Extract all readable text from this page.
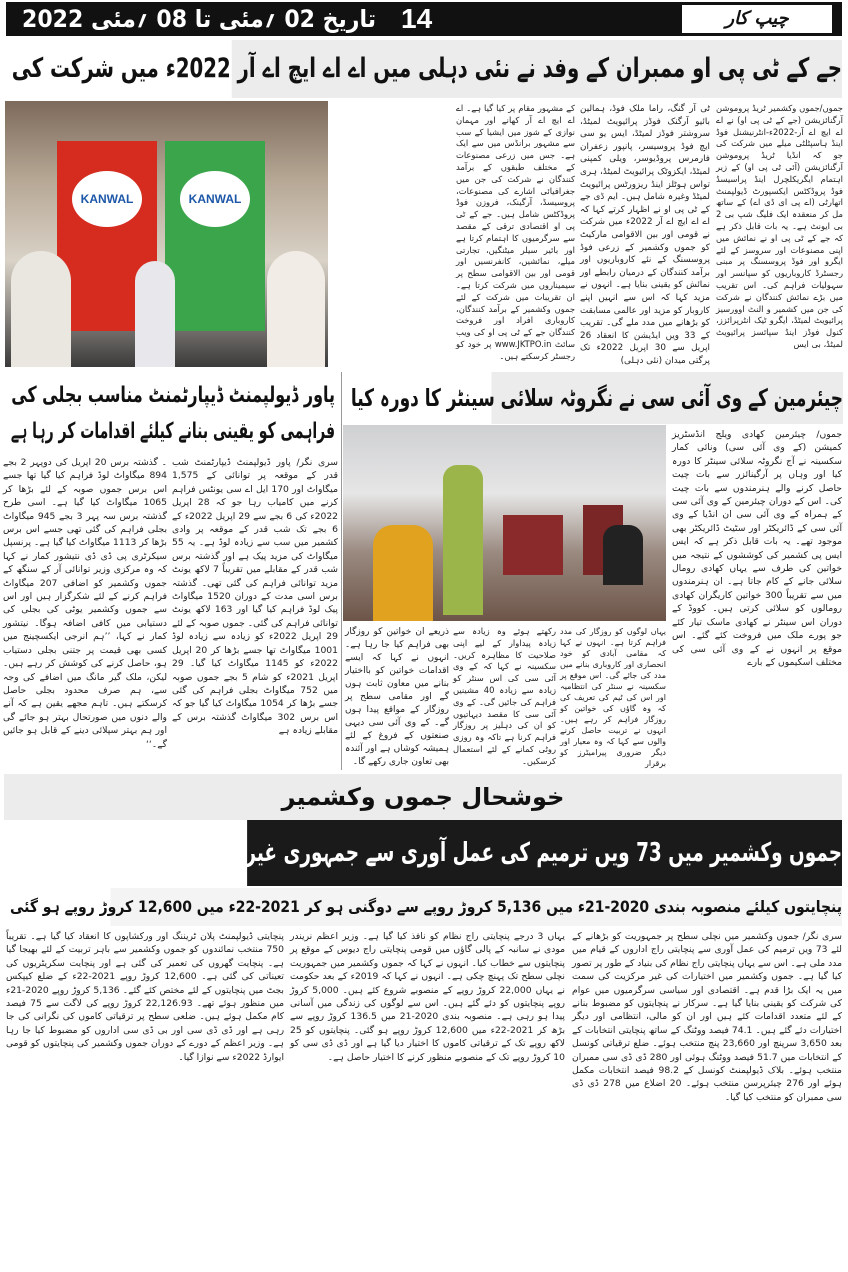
تاریخ 02 ؍مئی تا 08 ؍مئی 2022 14	چیپ کار
جے کے ٹی پی او ممبران کے وفد نے نئی دہلی میں اے اے ایچ اے آر 2022ء میں شرکت کی
KANWAL	KANWAL
جموں/جموں وکشمیر ٹریڈ پروموشن آرگنائزیشن (جے کے ٹی پی او) نے اے اے ایچ اے آر-2022ء-انٹرنیشنل فوڈ اینڈ ہاسپٹلٹی میلے میں شرکت کی جو کہ انڈیا ٹریڈ پروموشن آرگنائزیشن (آئی ٹی پی او) کے زیر اہتمام ایگریکلچرل اینڈ پراسیسڈ فوڈ پروڈکٹس ایکسپورٹ ڈیولپمنٹ اتھارٹی (اے پی ای ڈی اے) کے ساتھ مل کر منعقدہ ایک فلیگ شپ بی 2 بی ایونٹ ہے۔ یہ بات قابل ذکر ہے کہ جے کے ٹی پی او نے نمائش میں اپنی مصنوعات اور سروسز کے لئے ایگرو اور فوڈ پروسسنگ پر مبنی رجسٹرڈ کاروباریوں کو سپانسر اور سہولیات فراہم کی۔ اس تقریب میں بڑے نمائش کنندگان نے شرکت کی جن میں کشمیر و النٹ اوورسیز پرائیویٹ لمیٹڈ، ایگرو ٹیک انٹرپرائزز، کنول فوڈز اینڈ سپائسز پرائیویٹ لمیٹڈ، بی ایس
ٹی آر گنگ، راما ملک فوڈ، ہمالین بائیو آرگنک فوڈز پرائیویٹ لمیٹڈ، سروشتر فوڈز لمیٹڈ، ایس یو سی ایچ فوڈ پروسیسر، پانپور زعفران فارمرس پروڈیوسر، ویلی کمپنی لمیٹڈ، ایکزوٹک پرائیویٹ لمیٹڈ، ہری تواس ہوٹلز اینڈ ریزورٹس پرائیویٹ لمیٹڈ وغیرہ شامل ہیں۔ ایم ڈی جے کے ٹی پی او نے اظہار کرتے کہا کہ اے اے ایچ اے آر 2022ء میں شرکت نے قومی اور بین الاقوامی مارکیٹ کو جموں وکشمیر کے زرعی فوڈ پروسسنگ کے نئے کاروباریوں اور برآمد کنندگان کے درمیان رابطے اور نمائش کو یقینی بنایا ہے۔ انہوں نے مزید کہا کہ اس سے انہیں اپنے کاروبار کو مزید اور عالمی مسابقت کو بڑھانے میں مدد ملے گی۔ تقریب کے 33 ویں ایڈیشن کا انعقاد 26 اپریل سے 30 اپریل 2022ء تک پرگتی میدان (نئی دہلی)
کے مشہور مقام پر کیا گیا ہے۔ اے اے ایچ اے آر کھانے اور مہمان نوازی کے شوز میں ایشیا کے سب سے مشہور برانڈس میں سے ایک ہے۔ جس میں زرعی مصنوعات کے مختلف طبقوں کے برآمد کنندگان نے شرکت کی جن میں جغرافیائی اشارے کی مصنوعات، پروسیسڈ، آرگینک، فروزن فوڈ پروڈکٹس شامل ہیں۔ جے کے ٹی پی او اقتصادی ترقی کے مقصد سے سرگرمیوں کا اہتمام کرتا ہے اور بائیر سیلر میٹنگیں، تجارتی میلے، نمائشیں، کانفرنسیں اور قومی اور بین الاقوامی سطح پر سیمیناروں میں شرکت کرتا ہے۔ ان تقریبات میں شرکت کے لئے جموں وکشمیر کے برآمد کنندگان، کاروباری افراد اور فروخت کنندگان جے کے ٹی پی او کی ویب سائٹ www.JKTPO.in پر خود کو رجسٹر کرسکتے ہیں۔
پاور ڈیولپمنٹ ڈیپارٹمنٹ مناسب بجلی کی
فراہمی کو یقینی بنانے کیلئے اقدامات کر رہا ہے
سری نگر/ پاور ڈیولپمنٹ ڈیپارٹمنٹ شب قدر کے موقعہ پر توانائی کے 1,575 میگاواٹ اور 170 ایل اے سی یونٹس فراہم کرنے میں کامیاب رہا جو کہ 28 اپریل 2022ء کی 6 بجے سے 29 اپریل 2022ء کے 6 بجے تک شب قدر کے موقعہ پر وادی کشمیر میں سب سے زیادہ لوڈ ہے۔ یہ 55 میگاواٹ کی مزید پیک ہے اور گذشتہ برس شب قدر کے مقابلے میں تقریباً 7 لاکھ یونٹ مزید توانائی فراہم کی گئی تھی۔ گذشتہ برس اسی مدت کے دوران 1520 میگاواٹ پیک لوڈ فراہم کیا گیا اور 163 لاکھ یونٹ توانائی فراہم کی گئی۔ جموں صوبہ کے لئے 29 اپریل 2022ء کو زیادہ سے زیادہ لوڈ 1001 میگاواٹ تھا جسے بڑھا کر 20 اپریل 2022ء کو 1145 میگاواٹ کیا گیا۔ 29 اپریل 2021ء کو شام 5 بجے جموں صوبہ میں 752 میگاواٹ بجلی فراہم کی گئی جسے بڑھا کر 1054 میگاواٹ کیا گیا جو کہ اس برس 302 میگاواٹ گذشتہ برس کے مقابلے زیادہ ہے
۔ گذشتہ برس 20 اپریل کی دوپہر 2 بجے 894 میگاواٹ لوڈ فراہم کیا گیا تھا جسے اس برس جموں صوبہ کے لئے بڑھا کر 1065 میگاواٹ کیا گیا ہے۔ اسی طرح گذشتہ برس سہ پہر 3 بجے 945 میگاواٹ بجلی فراہم کی گئی تھی جسے اس برس بڑھا کر 1113 میگاواٹ کیا گیا ہے۔ پرنسپل سیکرٹری پی ڈی ڈی نتیشور کمار نے کہا کہ وہ مرکزی وزیر توانائی آر کے سنگھ کے جموں وکشمیر کو اضافی 207 میگاواٹ فراہم کرنے کے لئے شکرگزار ہیں اور اس سے جموں وکشمیر یوٹی کی بجلی کی دستیابی میں کافی اضافہ ہوگا۔ نیتشور کمار نے کہا، ’’ہم انرجی ایکسچینج میں کسی بھی قیمت پر جتنی بجلی دستیاب ہو، حاصل کرنے کی کوشش کر رہے ہیں۔ لیکن، ملک گیر مانگ میں اضافے کی وجہ سے، ہم صرف محدود بجلی حاصل کرسکتے ہیں۔ تاہم مجھے یقین ہے کہ آنے والے دنوں میں صورتحال بہتر ہو جائے گی اور ہم بہتر سپلائی دینے کے قابل ہو جائیں گے۔‘‘
چیئرمین کے وی آئی سی نے نگروٹہ سلائی سینٹر کا دورہ کیا
جموں/ چیئرمین کھادی ویلج انڈسٹریز کمیشن (کے وی آئی سی) ونائی کمار سکسینہ نے آج نگروٹہ سلائی سینٹر کا دورہ کیا اور وہاں پر آرگینائزر سے بات چیت حاصل کرنے والے ہنرمندوں سے بات چیت کی۔ اس کے دوران چیئرمین کے وی آئی سی کے ہمراہ کے وی آئی سی ان انڈیا کے وی آئی سی کے ڈائریکٹر اور سٹیٹ ڈائریکٹر بھی موجود تھے۔ یہ بات قابل ذکر ہے کہ ایس ایس پی کشمیر کی کوششوں کے نتیجہ میں خواتین کی طرف سے یہاں کھادی رومال سلائی جانے کے کام جاتا ہے۔ ان ہنرمندوں میں سے تقریباً 300 خواتین کاریگران کھادی رومالوں کو سلائی کرتی ہیں۔ کووڈ کے دوران اس سینٹر نے کھادی ماسک تیار کئے جو پورے ملک میں فروخت کئے گئے۔ اس موقع پر انہوں نے کے وی آئی سی کی مختلف اسکیموں کے بارے
یہاں لوگوں کو روزگار کی مدد فراہم کرتا ہے۔ انہوں نے کہا کہ مقامی آبادی کو خود انحصاری اور کاروباری بنانے میں مدد کی جائے گی۔ اس موقع پر سکسینہ نے سنٹر کی انتظامیہ اور اس کی ٹیم کی تعریف کی کہ وہ گاؤں کی خواتین کو روزگار فراہم کر رہے ہیں۔ انہوں نے تربیت حاصل کرنے والوں سے کہا کہ وہ معیار اور دیگر ضروری پیرامیٹرز کو برقرار
رکھتے ہوئے وہ زیادہ سے زیادہ پیداوار کے لیے اپنی صلاحیت کا مظاہرہ کریں۔ سکسینہ نے کہا کہ کے وی آئی سی کی اس سنٹر کو زیادہ سے زیادہ 40 مشینیں فراہم کی جائیں گی۔ کے وی آئی سی کا مقصد دیہاتیوں کو ان کی دہلیز پر روزگار فراہم کرنا ہے تاکہ وہ روزی روٹی کمانے کے لئے استعمال کرسکیں۔
ذریعے ان خواتین کو روزگار بھی فراہم کیا جا رہا ہے۔ انہوں نے کہا کہ ایسے اقدامات خواتین کو بااختیار بنانے میں معاون ثابت ہوں گے اور مقامی سطح پر روزگار کے مواقع پیدا ہوں گے۔ کے وی آئی سی دیہی صنعتوں کے فروغ کے لئے ہمیشہ کوشاں ہے اور آئندہ بھی تعاون جاری رکھے گا۔
خوشحال جموں وکشمیر
جموں وکشمیر میں 73 ویں ترمیم کی عمل آوری سے جمہوری غیر مرکزیت کا خواب پورا ہوا
پنچایتوں کیلئے منصوبہ بندی 2020-21ء میں 5,136 کروڑ روپے سے دوگنی ہو کر 2021-22ء میں 12,600 کروڑ روپے ہو گئی
سری نگر/ جموں وکشمیر میں نچلی سطح پر جمہوریت کو بڑھانے کے لئے 73 ویں ترمیم کی عمل آوری سے پنچایتی راج اداروں کے قیام میں مدد ملی ہے۔ اس سے یہاں پنچایتی راج نظام کی بنیاد کے طور پر تصور کیا گیا ہے۔ جموں وکشمیر میں اختیارات کی غیر مرکزیت کی سمت میں یہ ایک بڑا قدم ہے۔ اقتصادی اور سیاسی سرگرمیوں میں عوام کی شرکت کو یقینی بنایا گیا ہے۔ سرکار نے پنچایتوں کو مضبوط بنانے کے لئے متعدد اقدامات کئے ہیں اور ان کو مالی، انتظامی اور دیگر اختیارات دئے گئے ہیں۔ 74.1 فیصد ووٹنگ کے ساتھ پنچایتی انتخابات کے بعد 3,650 سرپنچ اور 23,660 پنچ منتخب ہوئے۔ ضلع ترقیاتی کونسل کے انتخابات میں 51.7 فیصد ووٹنگ ہوئی اور 280 ڈی ڈی سی ممبران منتخب ہوئے۔ بلاک ڈیولپمنٹ کونسل کے 98.2 فیصد انتخابات مکمل ہوئے اور 276 چیئرپرسن منتخب ہوئے۔ 20 اضلاع میں 278 ڈی ڈی سی ممبران کو منتخب کیا گیا۔
یہاں 3 درجے پنچایتی راج نظام کو نافذ کیا گیا ہے۔ وزیر اعظم نریندر مودی نے سانبہ کے پالی گاؤں میں قومی پنچایتی راج دیوس کے موقع پر پنچایتوں سے خطاب کیا۔ انہوں نے کہا کہ جموں وکشمیر میں جمہوریت نچلی سطح تک پہنچ چکی ہے۔ انہوں نے کہا کہ 2019ء کے بعد حکومت نے یہاں 22,000 کروڑ روپے کے منصوبے شروع کئے ہیں۔ 5,000 کروڑ روپے پنچایتوں کو دئے گئے ہیں۔ اس سے لوگوں کی زندگی میں آسانی پیدا ہو رہی ہے۔ منصوبہ بندی 2020-21 میں 136.5 کروڑ روپے سے بڑھ کر 2021-22ء میں 12,600 کروڑ روپے ہو گئی۔ پنچایتوں کو 25 لاکھ روپے تک کے ترقیاتی کاموں کا اختیار دیا گیا ہے اور ڈی ڈی سی کو 10 کروڑ روپے تک کے منصوبے منظور کرنے کا اختیار حاصل ہے۔
پنچایتی ڈیولپمنٹ پلان ٹریننگ اور ورکشاپوں کا انعقاد کیا گیا ہے۔ تقریباً 750 منتخب نمائندوں کو جموں وکشمیر سے باہر تربیت کے لئے بھیجا گیا ہے۔ پنچایت گھروں کی تعمیر کی گئی ہے اور پنچایت سکریٹریوں کی تعیناتی کی گئی ہے۔ 12,600 کروڑ روپے 2021-22ء کے ضلع کیپکس بجٹ میں پنچایتوں کے لئے مختص کئے گئے۔ 5,136 کروڑ روپے 2020-21ء میں منظور ہوئے تھے۔ 22,126.93 کروڑ روپے کی لاگت سے 75 فیصد کام مکمل ہوئے ہیں۔ ضلعی سطح پر ترقیاتی کاموں کی نگرانی کی جا رہی ہے اور ڈی ڈی سی اور بی ڈی سی اداروں کو مضبوط کیا جا رہا ہے۔ وزیر اعظم کے دورے کے دوران جموں وکشمیر کی پنچایتوں کو قومی ایوارڈ 2022ء سے نوازا گیا۔
